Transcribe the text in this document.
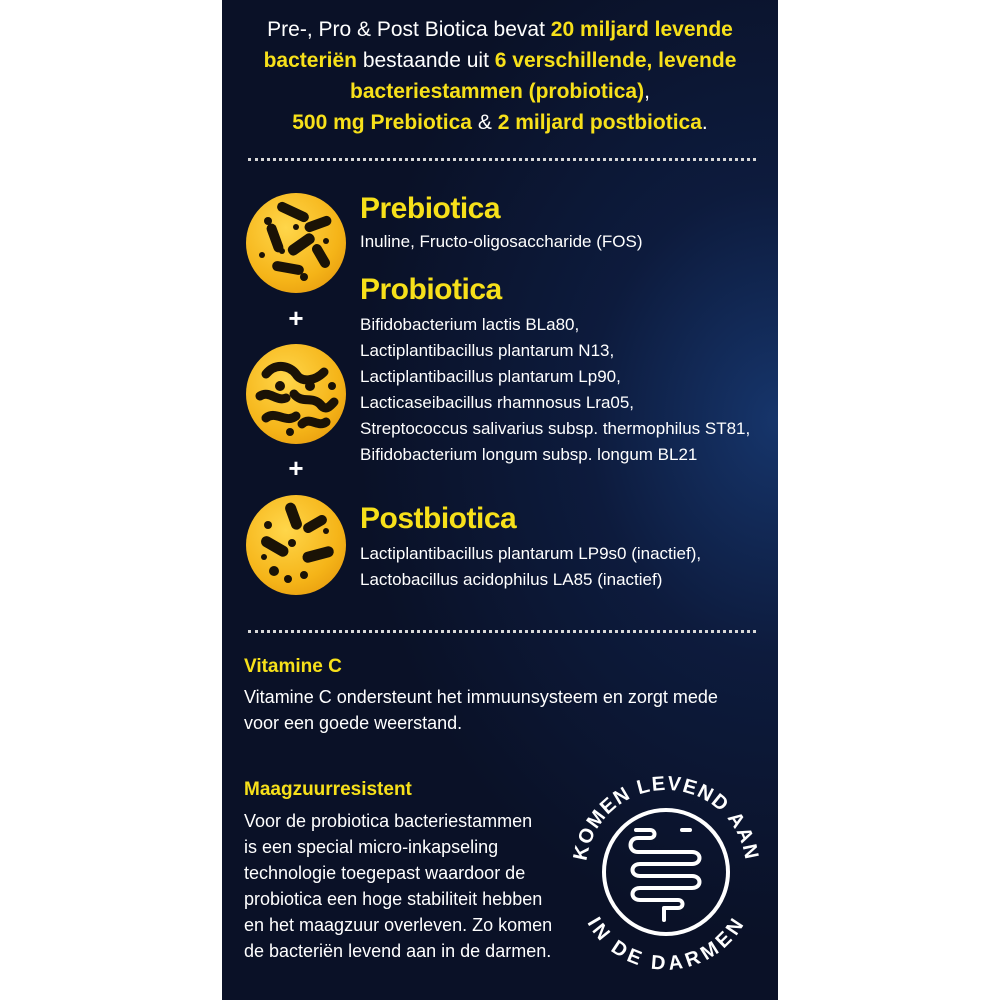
Pre-, Pro & Post Biotica bevat 20 miljard levende bacteriën bestaande uit 6 verschillende, levende bacteriestammen (probiotica),
500 mg Prebiotica & 2 miljard postbiotica.
Prebiotica
Inuline, Fructo-oligosaccharide (FOS)
+
Probiotica
Bifidobacterium lactis BLa80,
Lactiplantibacillus plantarum N13,
Lactiplantibacillus plantarum Lp90,
Lacticaseibacillus rhamnosus Lra05,
Streptococcus salivarius subsp. thermophilus ST81,
Bifidobacterium longum subsp. longum BL21
+
Postbiotica
Lactiplantibacillus plantarum LP9s0 (inactief),
Lactobacillus acidophilus LA85 (inactief)
Vitamine C
Vitamine C ondersteunt het immuunsysteem en zorgt mede
voor een goede weerstand.
Maagzuurresistent
Voor de probiotica bacteriestammen
is een special micro-inkapseling
technologie toegepast waardoor de
probiotica een hoge stabiliteit hebben
en het maagzuur overleven. Zo komen
de bacteriën levend aan in de darmen.
KOMEN LEVEND AAN
IN DE DARMEN
